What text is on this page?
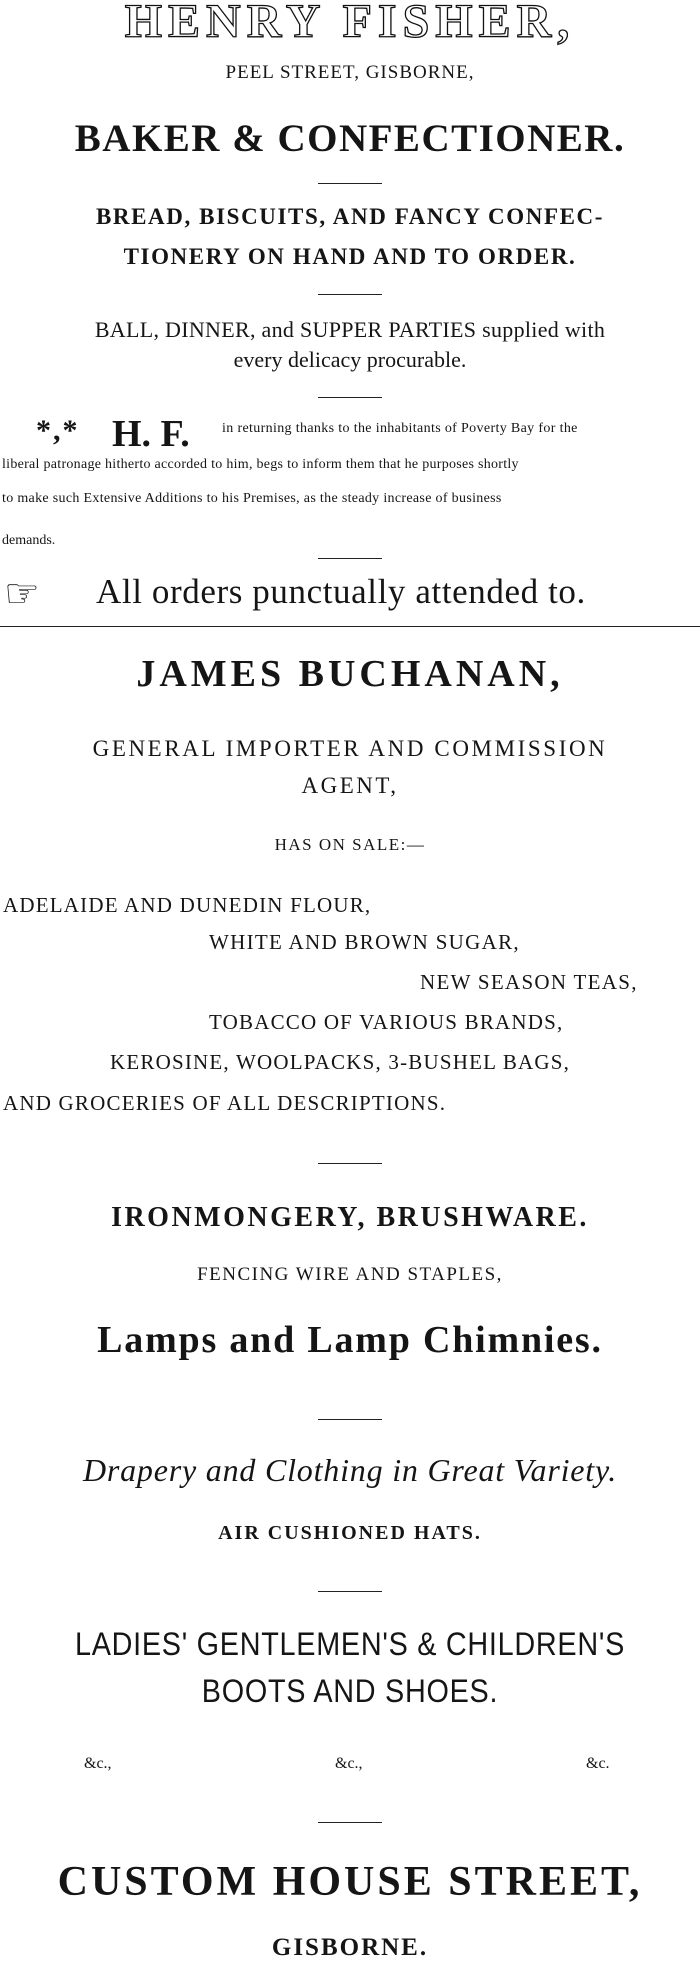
HENRY FISHER,
PEEL STREET, GISBORNE,
BAKER & CONFECTIONER.
BREAD, BISCUITS, AND FANCY CONFEC-
TIONERY ON HAND AND TO ORDER.
BALL, DINNER, and SUPPER PARTIES supplied with
every delicacy procurable.
*,* H. F. in returning thanks to the inhabitants of Poverty Bay for the
liberal patronage hitherto accorded to him, begs to inform them that he purposes shortly
to make such Extensive Additions to his Premises, as the steady increase of business
demands.
☞ All orders punctually attended to.
JAMES BUCHANAN,
GENERAL IMPORTER AND COMMISSION
AGENT,
HAS ON SALE:—
ADELAIDE AND DUNEDIN FLOUR,
WHITE AND BROWN SUGAR,
NEW SEASON TEAS,
TOBACCO OF VARIOUS BRANDS,
KEROSINE, WOOLPACKS, 3-BUSHEL BAGS,
AND GROCERIES OF ALL DESCRIPTIONS.
IRONMONGERY, BRUSHWARE.
FENCING WIRE AND STAPLES,
Lamps and Lamp Chimnies.
Drapery and Clothing in Great Variety.
AIR CUSHIONED HATS.
LADIES' GENTLEMEN'S & CHILDREN'S
BOOTS AND SHOES.
&c.,	&c.,	&c.
CUSTOM HOUSE STREET,
GISBORNE.
